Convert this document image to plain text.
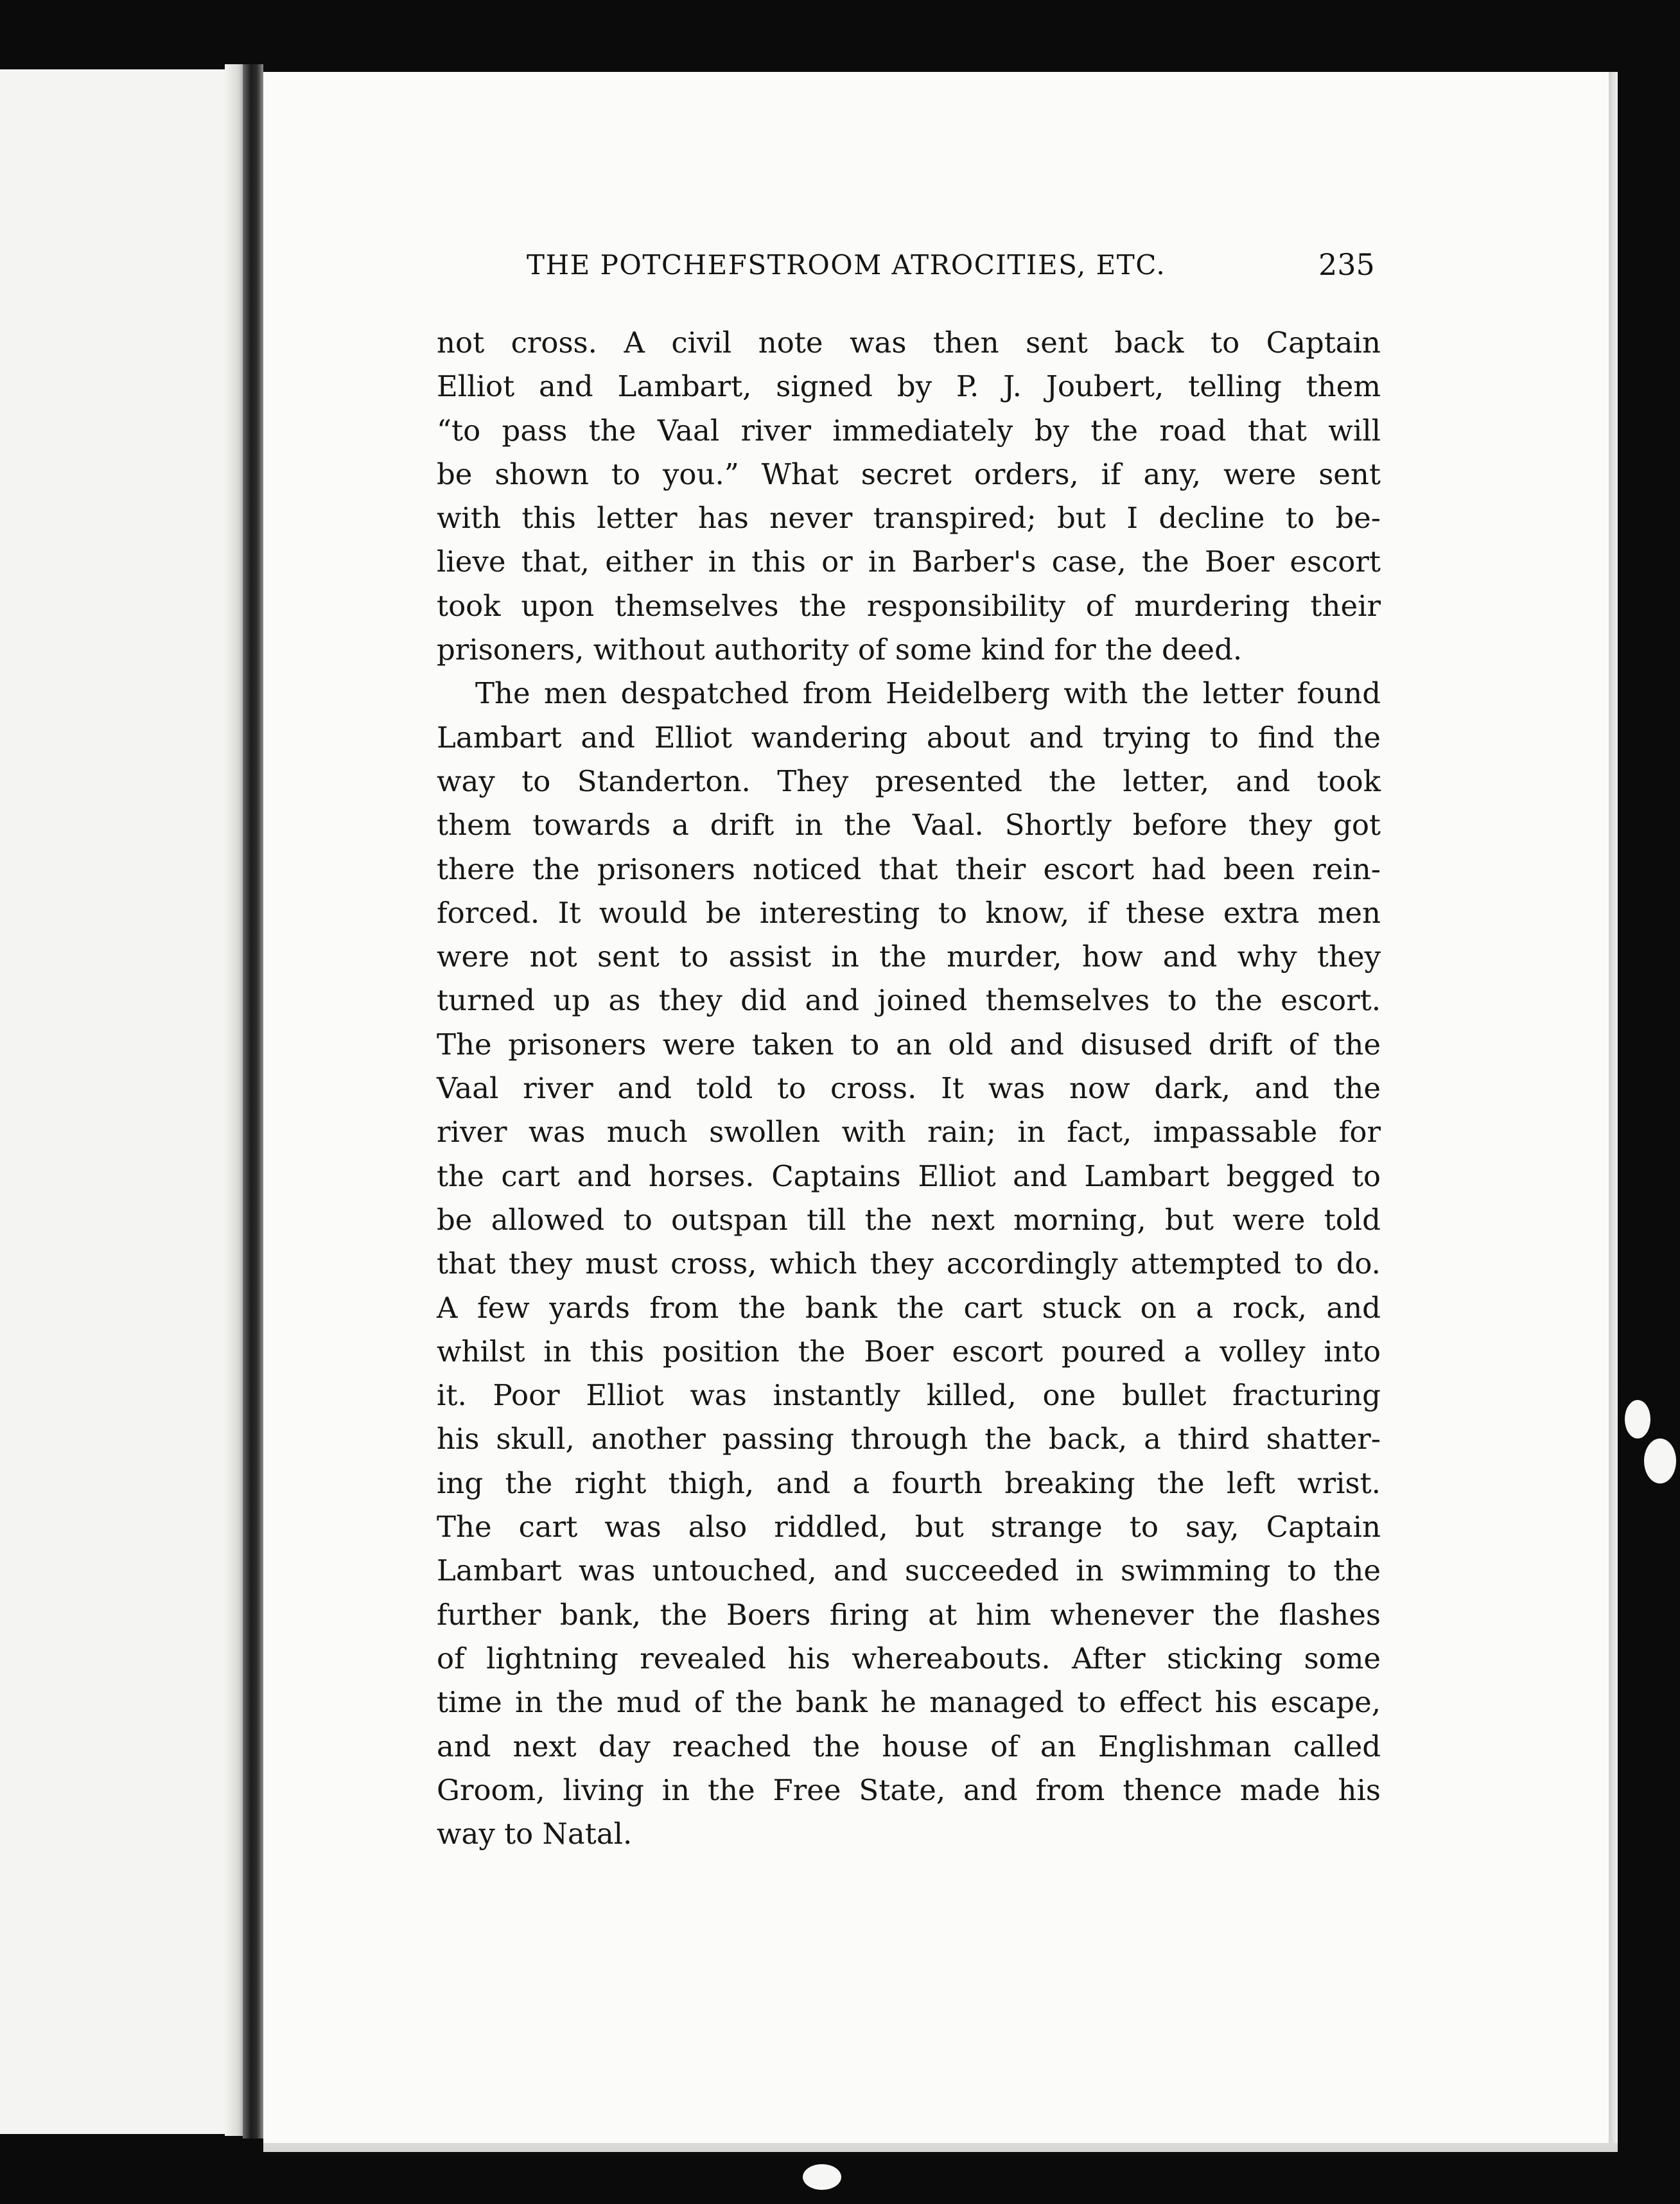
THE POTCHEFSTROOM ATROCITIES, ETC.	235
not cross. A civil note was then sent back to Captain
Elliot and Lambart, signed by P. J. Joubert, telling them
“to pass the Vaal river immediately by the road that will
be shown to you.” What secret orders, if any, were sent
with this letter has never transpired; but I decline to be-
lieve that, either in this or in Barber's case, the Boer escort
took upon themselves the responsibility of murdering their
prisoners, without authority of some kind for the deed.
The men despatched from Heidelberg with the letter found
Lambart and Elliot wandering about and trying to find the
way to Standerton. They presented the letter, and took
them towards a drift in the Vaal. Shortly before they got
there the prisoners noticed that their escort had been rein-
forced. It would be interesting to know, if these extra men
were not sent to assist in the murder, how and why they
turned up as they did and joined themselves to the escort.
The prisoners were taken to an old and disused drift of the
Vaal river and told to cross. It was now dark, and the
river was much swollen with rain; in fact, impassable for
the cart and horses. Captains Elliot and Lambart begged to
be allowed to outspan till the next morning, but were told
that they must cross, which they accordingly attempted to do.
A few yards from the bank the cart stuck on a rock, and
whilst in this position the Boer escort poured a volley into
it. Poor Elliot was instantly killed, one bullet fracturing
his skull, another passing through the back, a third shatter-
ing the right thigh, and a fourth breaking the left wrist.
The cart was also riddled, but strange to say, Captain
Lambart was untouched, and succeeded in swimming to the
further bank, the Boers firing at him whenever the flashes
of lightning revealed his whereabouts. After sticking some
time in the mud of the bank he managed to effect his escape,
and next day reached the house of an Englishman called
Groom, living in the Free State, and from thence made his
way to Natal.
